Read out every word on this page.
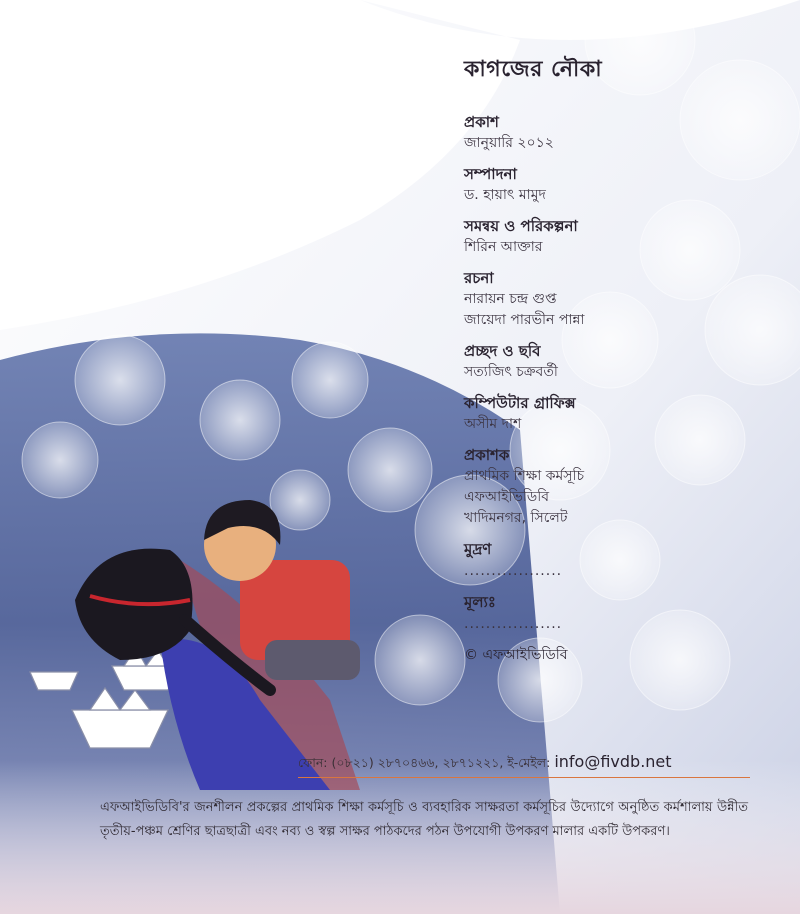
কাগজের নৌকা
প্রকাশ
জানুয়ারি ২০১২
সম্পাদনা
ড. হায়াৎ মামুদ
সমন্বয় ও পরিকল্পনা
শিরিন আক্তার
রচনা
নারায়ন চন্দ্র গুপ্ত
জায়েদা পারভীন পান্না
প্রচ্ছদ ও ছবি
সত্যজিৎ চক্রবর্তী
কম্পিউটার গ্রাফিক্স
অসীম দাশ
প্রকাশক
প্রাথমিক শিক্ষা কর্মসূচি
এফআইভিডিবি
খাদিমনগর, সিলেট
মুদ্রণ
..................
মূল্যঃ
..................
© এফআইভিডিবি
ফোন: (০৮২১) ২৮৭০৪৬৬, ২৮৭১২২১, ই-মেইল: info@fivdb.net
এফআইভিডিবি'র জনশীলন প্রকল্পের প্রাথমিক শিক্ষা কর্মসূচি ও ব্যবহারিক সাক্ষরতা কর্মসূচির উদ্যোগে অনুষ্ঠিত কর্মশালায় উন্নীত তৃতীয়-পঞ্চম শ্রেণির ছাত্রছাত্রী এবং নব্য ও স্বল্প সাক্ষর পাঠকদের পঠন উপযোগী উপকরণ মালার একটি উপকরণ।
